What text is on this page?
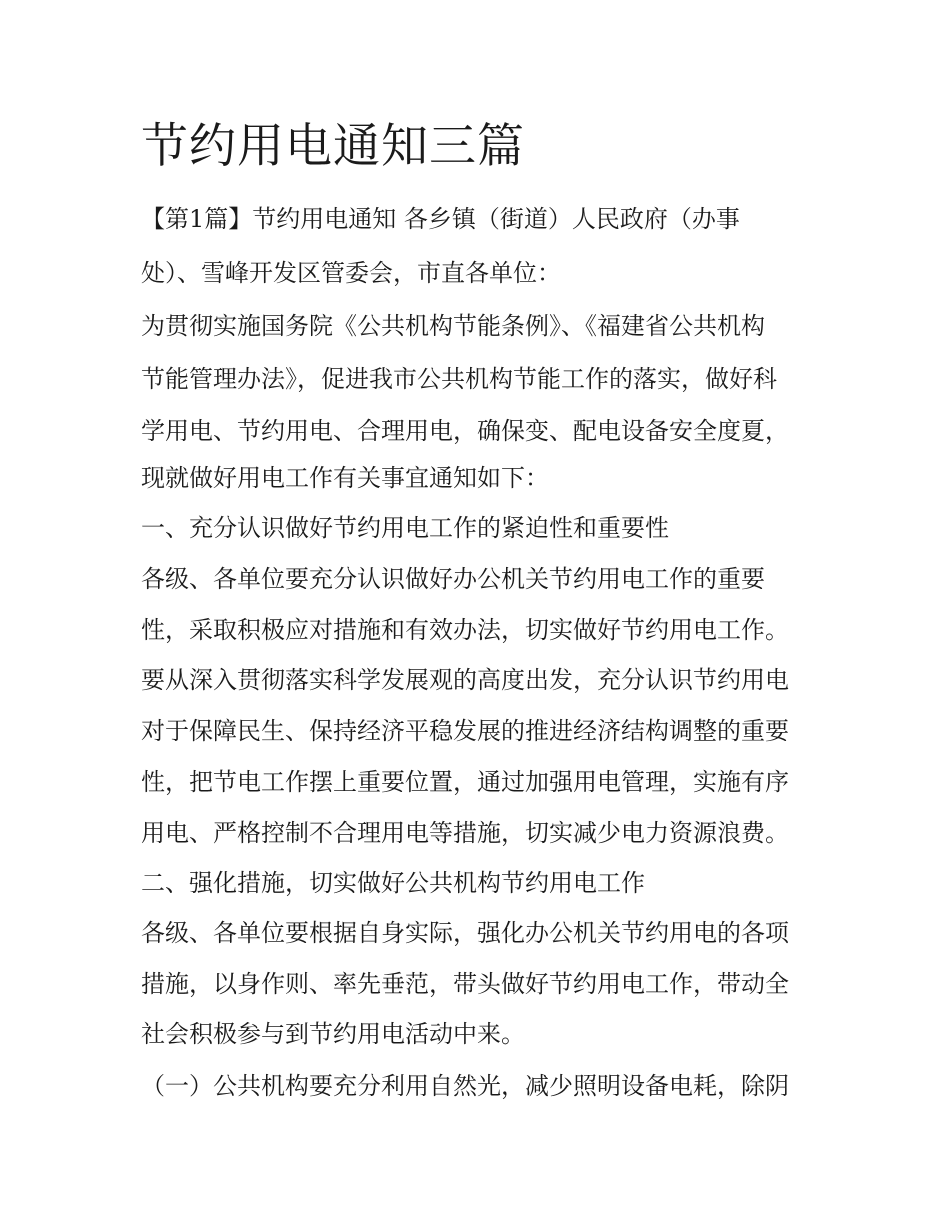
节约用电通知三篇

【第1篇】节约用电通知 各乡镇（街道）人民政府（办事

处）、雪峰开发区管委会，市直各单位：

为贯彻实施国务院《公共机构节能条例》、《福建省公共机构

节能管理办法》，促进我市公共机构节能工作的落实，做好科

学用电、节约用电、合理用电，确保变、配电设备安全度夏，

现就做好用电工作有关事宜通知如下：

一、充分认识做好节约用电工作的紧迫性和重要性

各级、各单位要充分认识做好办公机关节约用电工作的重要

性，采取积极应对措施和有效办法，切实做好节约用电工作。

要从深入贯彻落实科学发展观的高度出发，充分认识节约用电

对于保障民生、保持经济平稳发展的推进经济结构调整的重要

性，把节电工作摆上重要位置，通过加强用电管理，实施有序

用电、严格控制不合理用电等措施，切实减少电力资源浪费。

二、强化措施，切实做好公共机构节约用电工作

各级、各单位要根据自身实际，强化办公机关节约用电的各项

措施，以身作则、率先垂范，带头做好节约用电工作，带动全

社会积极参与到节约用电活动中来。

（一）公共机构要充分利用自然光，减少照明设备电耗，除阴
